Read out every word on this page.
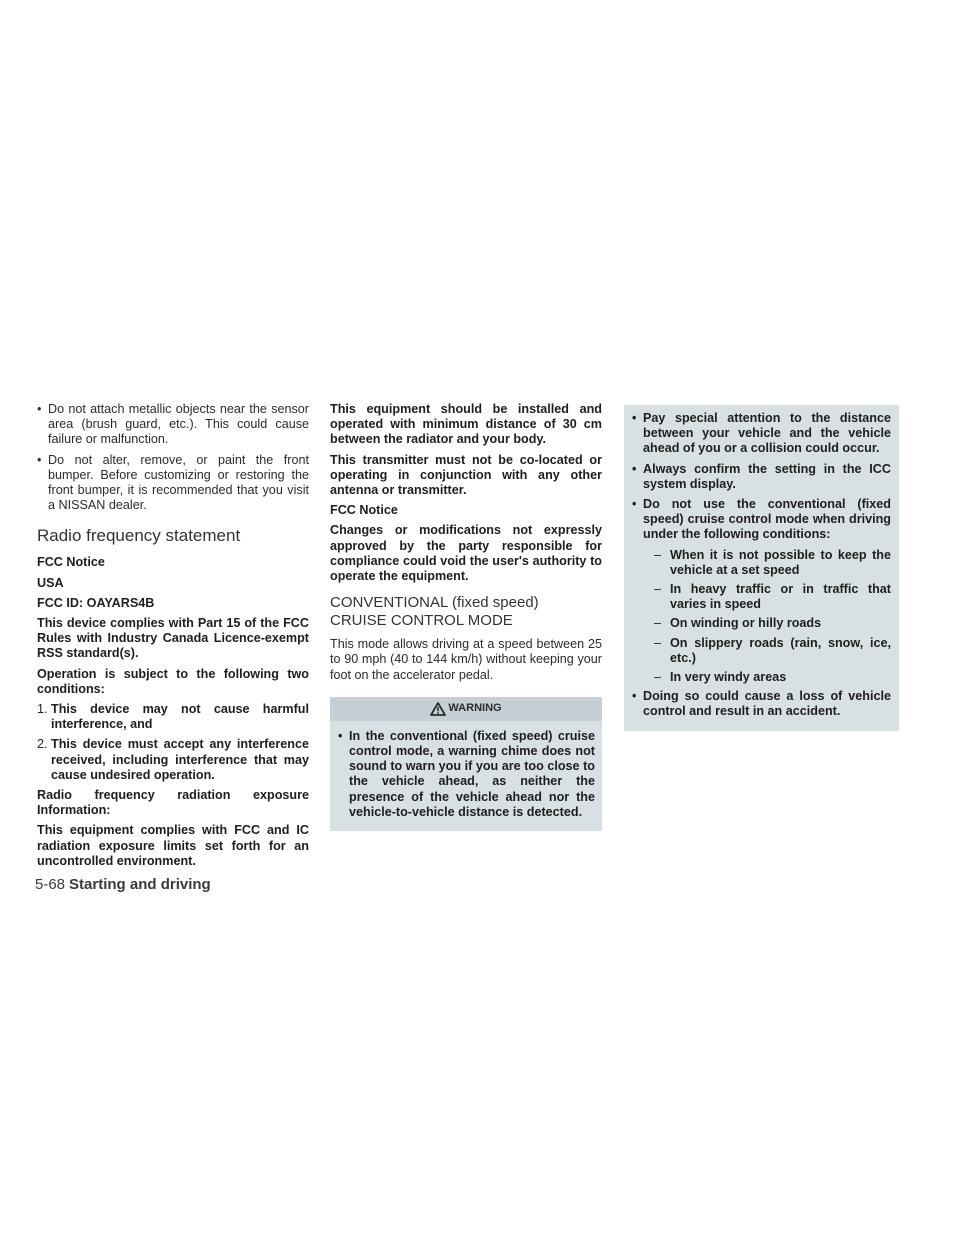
• Do not attach metallic objects near the sensor area (brush guard, etc.). This could cause failure or malfunction.
• Do not alter, remove, or paint the front bumper. Before customizing or restoring the front bumper, it is recommended that you visit a NISSAN dealer.
Radio frequency statement

FCC Notice

USA

FCC ID: OAYARS4B

This device complies with Part 15 of the FCC Rules with Industry Canada Licence-exempt RSS standard(s).

Operation is subject to the following two conditions:

1. This device may not cause harmful interference, and
2. This device must accept any interference received, including interference that may cause undesired operation.

Radio frequency radiation exposure Information:

This equipment complies with FCC and IC radiation exposure limits set forth for an uncontrolled environment.

This equipment should be installed and operated with minimum distance of 30 cm between the radiator and your body.

This transmitter must not be co-located or operating in conjunction with any other antenna or transmitter.

FCC Notice

Changes or modifications not expressly approved by the party responsible for compliance could void the user's authority to operate the equipment.

CONVENTIONAL (fixed speed)
CRUISE CONTROL MODE

This mode allows driving at a speed between 25 to 90 mph (40 to 144 km/h) without keeping your foot on the accelerator pedal.

WARNING
• In the conventional (fixed speed) cruise control mode, a warning chime does not sound to warn you if you are too close to the vehicle ahead, as neither the presence of the vehicle ahead nor the vehicle-to-vehicle distance is detected.
• Pay special attention to the distance between your vehicle and the vehicle ahead of you or a collision could occur.
• Always confirm the setting in the ICC system display.
• Do not use the conventional (fixed speed) cruise control mode when driving under the following conditions:
– When it is not possible to keep the vehicle at a set speed
– In heavy traffic or in traffic that varies in speed
– On winding or hilly roads
– On slippery roads (rain, snow, ice, etc.)
– In very windy areas
• Doing so could cause a loss of vehicle control and result in an accident.
5-68 Starting and driving
